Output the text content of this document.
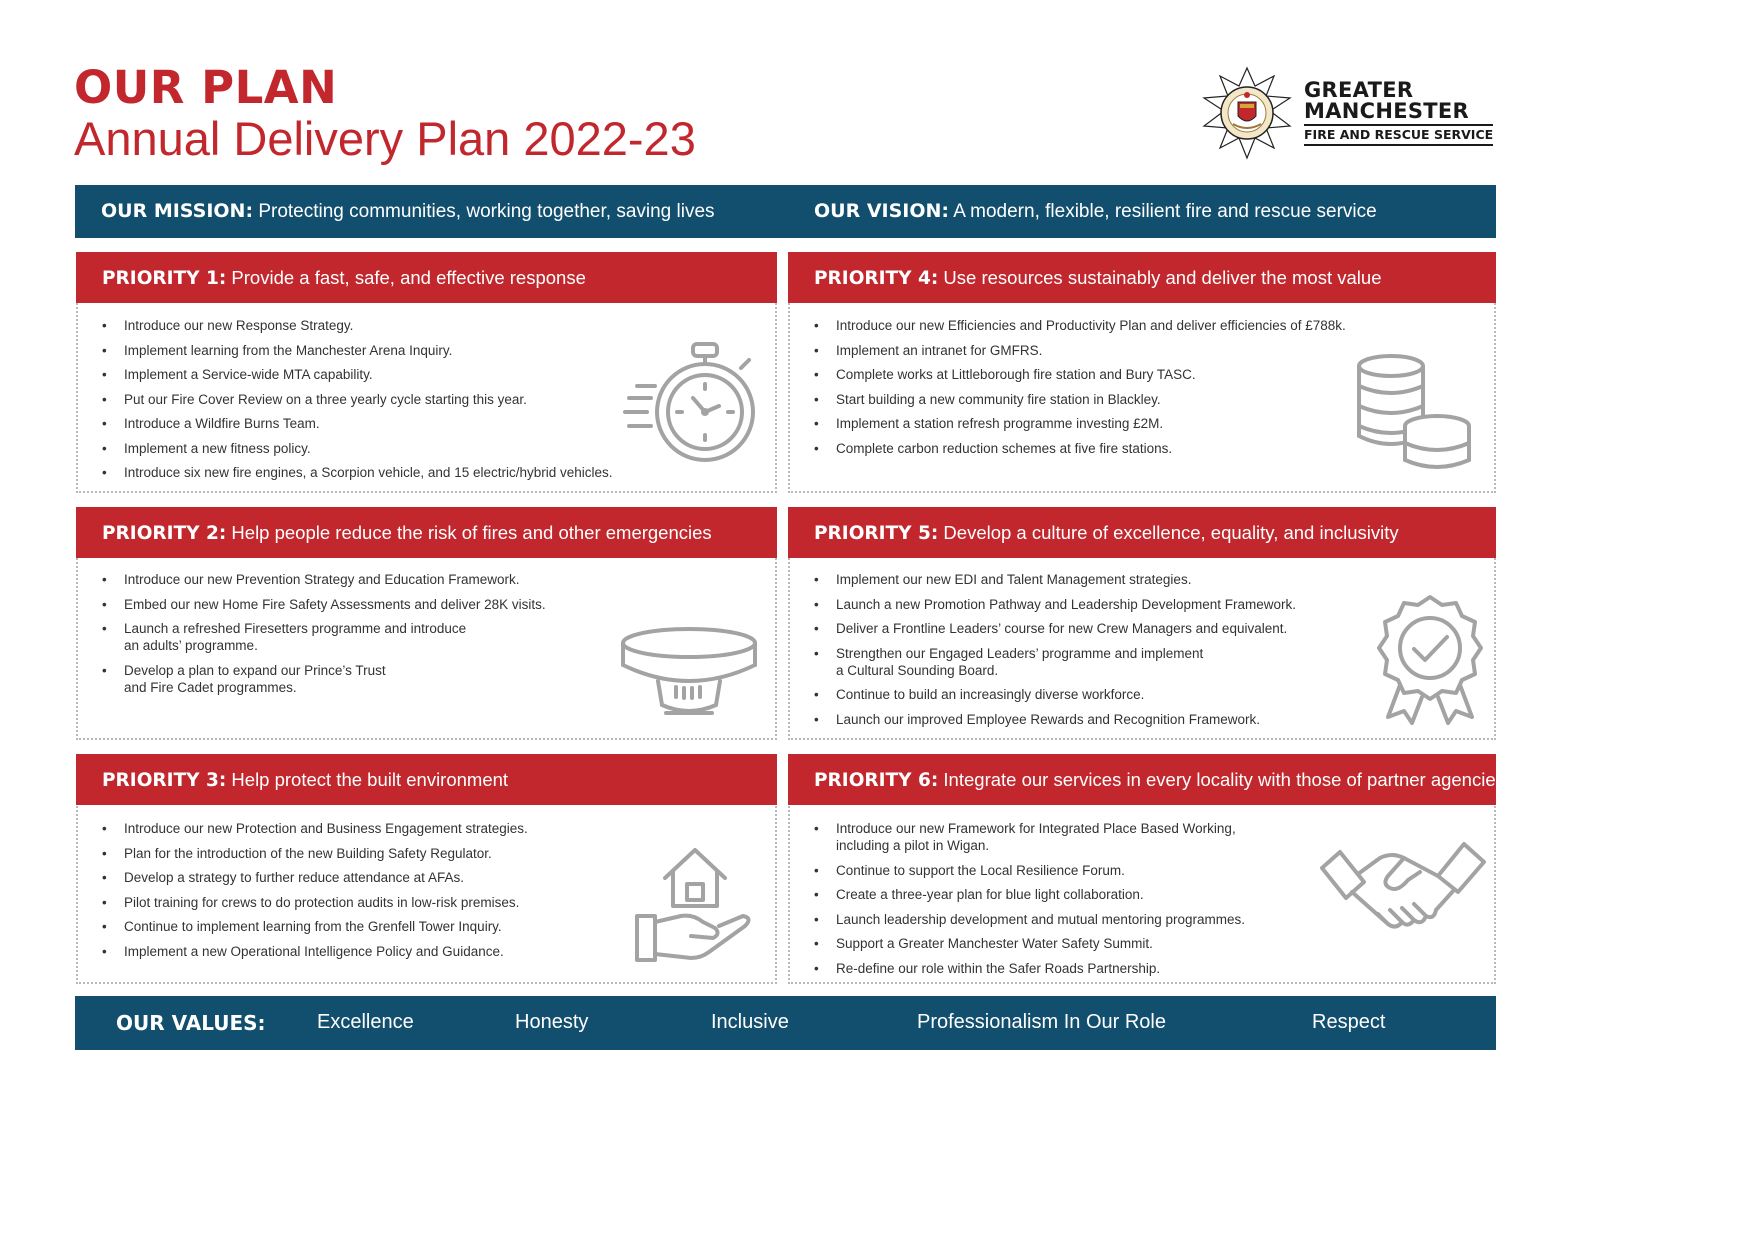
OUR PLAN
Annual Delivery Plan 2022-23
GREATER
MANCHESTER
FIRE AND RESCUE SERVICE
OUR MISSION: Protecting communities, working together, saving lives	OUR VISION: A modern, flexible, resilient fire and rescue service
PRIORITY 1: Provide a fast, safe, and effective response
• Introduce our new Response Strategy.
• Implement learning from the Manchester Arena Inquiry.
• Implement a Service-wide MTA capability.
• Put our Fire Cover Review on a three yearly cycle starting this year.
• Introduce a Wildfire Burns Team.
• Implement a new fitness policy.
• Introduce six new fire engines, a Scorpion vehicle, and 15 electric/hybrid vehicles.
PRIORITY 4: Use resources sustainably and deliver the most value
• Introduce our new Efficiencies and Productivity Plan and deliver efficiencies of £788k.
• Implement an intranet for GMFRS.
• Complete works at Littleborough fire station and Bury TASC.
• Start building a new community fire station in Blackley.
• Implement a station refresh programme investing £2M.
• Complete carbon reduction schemes at five fire stations.
PRIORITY 2: Help people reduce the risk of fires and other emergencies
• Introduce our new Prevention Strategy and Education Framework.
• Embed our new Home Fire Safety Assessments and deliver 28K visits.
• Launch a refreshed Firesetters programme and introduce
an adults’ programme.
• Develop a plan to expand our Prince’s Trust
and Fire Cadet programmes.
PRIORITY 5: Develop a culture of excellence, equality, and inclusivity
• Implement our new EDI and Talent Management strategies.
• Launch a new Promotion Pathway and Leadership Development Framework.
• Deliver a Frontline Leaders’ course for new Crew Managers and equivalent.
• Strengthen our Engaged Leaders’ programme and implement
a Cultural Sounding Board.
• Continue to build an increasingly diverse workforce.
• Launch our improved Employee Rewards and Recognition Framework.
PRIORITY 3: Help protect the built environment
• Introduce our new Protection and Business Engagement strategies.
• Plan for the introduction of the new Building Safety Regulator.
• Develop a strategy to further reduce attendance at AFAs.
• Pilot training for crews to do protection audits in low-risk premises.
• Continue to implement learning from the Grenfell Tower Inquiry.
• Implement a new Operational Intelligence Policy and Guidance.
PRIORITY 6: Integrate our services in every locality with those of partner agencies
• Introduce our new Framework for Integrated Place Based Working,
including a pilot in Wigan.
• Continue to support the Local Resilience Forum.
• Create a three-year plan for blue light collaboration.
• Launch leadership development and mutual mentoring programmes.
• Support a Greater Manchester Water Safety Summit.
• Re-define our role within the Safer Roads Partnership.
OUR VALUES:	Excellence	Honesty	Inclusive	Professionalism In Our Role	Respect
